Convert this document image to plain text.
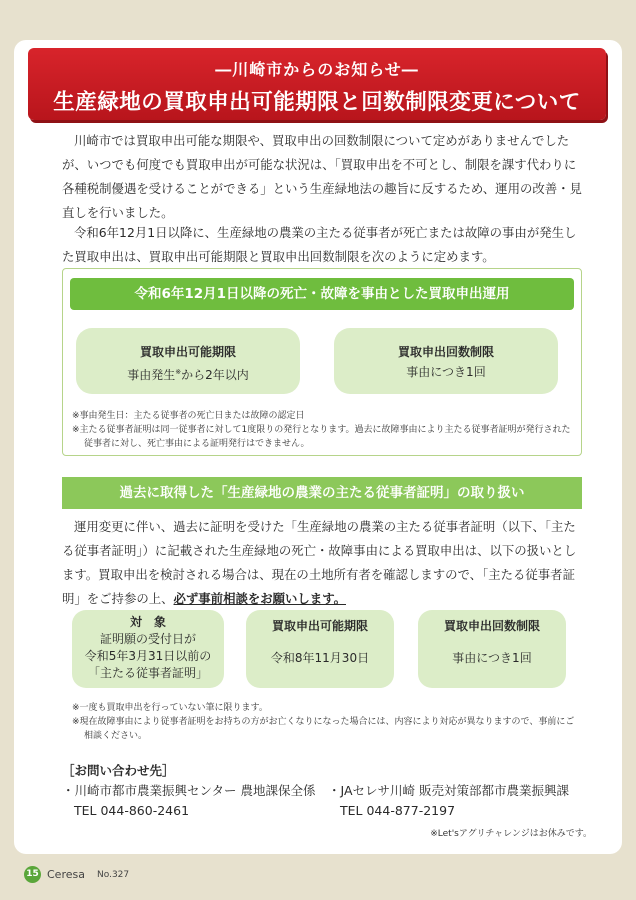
―川崎市からのお知らせ―
生産緑地の買取申出可能期限と回数制限変更について

川崎市では買取申出可能な期限や、買取申出の回数制限について定めがありませんでしたが、いつでも何度でも買取申出が可能な状況は、「買取申出を不可とし、制限を課す代わりに各種税制優遇を受けることができる」という生産緑地法の趣旨に反するため、運用の改善・見直しを行いました。

令和6年12月1日以降に、生産緑地の農業の主たる従事者が死亡または故障の事由が発生した買取申出は、買取申出可能期限と買取申出回数制限を次のように定めます。

令和6年12月1日以降の死亡・故障を事由とした買取申出運用
買取申出可能期限
事由発生※から2年以内
買取申出回数制限
事由につき1回
※事由発生日：主たる従事者の死亡日または故障の認定日
※主たる従事者証明は同一従事者に対して1度限りの発行となります。過去に故障事由により主たる従事者証明が発行された従事者に対し、死亡事由による証明発行はできません。
過去に取得した「生産緑地の農業の主たる従事者証明」の取り扱い

運用変更に伴い、過去に証明を受けた「生産緑地の農業の主たる従事者証明（以下、「主たる従事者証明」）に記載された生産緑地の死亡・故障事由による買取申出は、以下の扱いとします。買取申出を検討される場合は、現在の土地所有者を確認しますので、「主たる従事者証明」をご持参の上、必ず事前相談をお願いします。

対　象
証明願の受付日が
令和5年3月31日以前の
「主たる従事者証明」
買取申出可能期限
令和8年11月30日
買取申出回数制限
事由につき1回
※一度も買取申出を行っていない筆に限ります。
※現在故障事由により従事者証明をお持ちの方がお亡くなりになった場合には、内容により対応が異なりますので、事前にご相談ください。
［お問い合わせ先］
・川崎市都市農業振興センター 農地課保全係
TEL 044-860-2461
・JAセレサ川崎 販売対策部都市農業振興課
TEL 044-877-2197
※Let'sアグリチャレンジはお休みです。
15 Ceresa No.327
